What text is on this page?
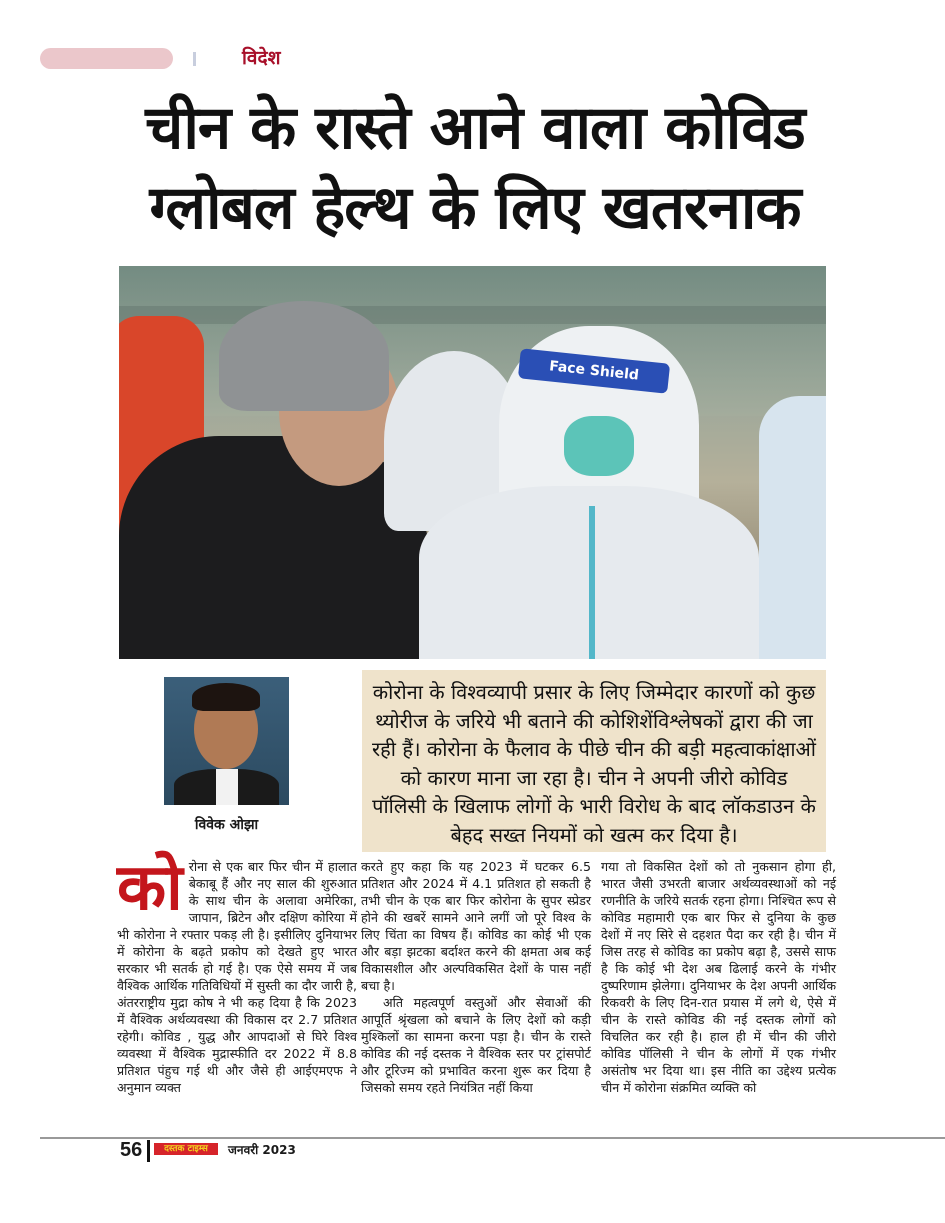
विदेश
चीन के रास्ते आने वाला कोविड
ग्लोबल हेल्थ के लिए खतरनाक
Face Shield
विवेक ओझा
कोरोना के विश्वव्यापी प्रसार के लिए जिम्मेदार कारणों को कुछ थ्योरीज के जरिये भी बताने की कोशिशेंविश्लेषकों द्वारा की जा रही हैं। कोरोना के फैलाव के पीछे चीन की बड़ी महत्वाकांक्षाओं को कारण माना जा रहा है। चीन ने अपनी जीरो कोविड पॉलिसी के खिलाफ लोगों के भारी विरोध के बाद लॉकडाउन के बेहद सख्त नियमों को खत्म कर दिया है।
को रोना से एक बार फिर चीन में हालात बेकाबू हैं और नए साल की शुरुआत के साथ चीन के अलावा अमेरिका, जापान, ब्रिटेन और दक्षिण कोरिया में भी कोरोना ने रफ्तार पकड़ ली है। इसीलिए दुनियाभर में कोरोना के बढ़ते प्रकोप को देखते हुए भारत सरकार भी सतर्क हो गई है। एक ऐसे समय में जब वैश्विक आर्थिक गतिविधियों में सुस्ती का दौर जारी है, अंतरराष्ट्रीय मुद्रा कोष ने भी कह दिया है कि 2023 में वैश्विक अर्थव्यवस्था की विकास दर 2.7 प्रतिशत रहेगी। कोविड , युद्ध और आपदाओं से घिरे विश्व व्यवस्था में वैश्विक मुद्रास्फीति दर 2022 में 8.8 प्रतिशत पंहुच गई थी और जैसे ही आईएमएफ ने अनुमान व्यक्त

करते हुए कहा कि यह 2023 में घटकर 6.5 प्रतिशत और 2024 में 4.1 प्रतिशत हो सकती है तभी चीन के एक बार फिर कोरोना के सुपर स्प्रेडर होने की खबरें सामने आने लगीं जो पूरे विश्व के लिए चिंता का विषय हैं। कोविड का कोई भी एक और बड़ा झटका बर्दाश्त करने की क्षमता अब कई विकासशील और अल्पविकसित देशों के पास नहीं बचा है।

अति महत्वपूर्ण वस्तुओं और सेवाओं की आपूर्ति श्रृंखला को बचाने के लिए देशों को कड़ी मुश्किलों का सामना करना पड़ा है। चीन के रास्ते कोविड की नई दस्तक ने वैश्विक स्तर पर ट्रांसपोर्ट और टूरिज्म को प्रभावित करना शुरू कर दिया है जिसको समय रहते नियंत्रित नहीं किया

गया तो विकसित देशों को तो नुकसान होगा ही, भारत जैसी उभरती बाजार अर्थव्यवस्थाओं को नई रणनीति के जरिये सतर्क रहना होगा। निश्चित रूप से कोविड महामारी एक बार फिर से दुनिया के कुछ देशों में नए सिरे से दहशत पैदा कर रही है। चीन में जिस तरह से कोविड का प्रकोप बढ़ा है, उससे साफ है कि कोई भी देश अब ढिलाई करने के गंभीर दुष्परिणाम झेलेगा। दुनियाभर के देश अपनी आर्थिक रिकवरी के लिए दिन-रात प्रयास में लगे थे, ऐसे में चीन के रास्ते कोविड की नई दस्तक लोगों को विचलित कर रही है। हाल ही में चीन की जीरो कोविड पॉलिसी ने चीन के लोगों में एक गंभीर असंतोष भर दिया था। इस नीति का उद्देश्य प्रत्येक चीन में कोरोना संक्रमित व्यक्ति को

56	दस्तक टाइम्स	जनवरी 2023
